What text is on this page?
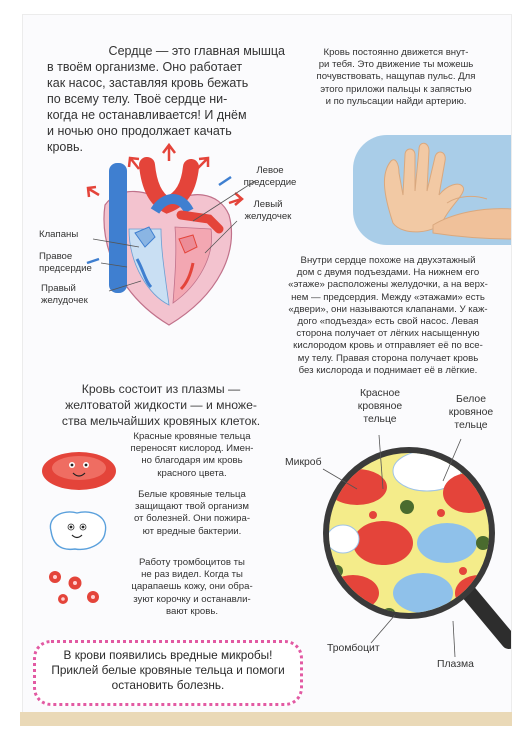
Сердце — это главная мышца
в твоём организме. Оно работает
как насос, заставляя кровь бежать
по всему телу. Твоё сердце ни-
когда не останавливается! И днём
и ночью оно продолжает качать
кровь.
Кровь постоянно движется внут-
ри тебя. Это движение ты можешь
почувствовать, нащупав пульс. Для
этого приложи пальцы к запястью
и по пульсации найди артерию.
Левое
предсердие
Левый
желудочек
Клапаны
Правое
предсердие
Правый
желудочек
Внутри сердце похоже на двухэтажный
дом с двумя подъездами. На нижнем его
«этаже» расположены желудочки, а на верх-
нем — предсердия. Между «этажами» есть
«двери», они называются клапанами. У каж-
дого «подъезда» есть свой насос. Левая
сторона получает от лёгких насыщенную
кислородом кровь и отправляет её по все-
му телу. Правая сторона получает кровь
без кислорода и поднимает её в лёгкие.
Кровь состоит из плазмы —
желтоватой жидкости — и множе-
ства мельчайших кровяных клеток.
Красные кровяные тельца
переносят кислород. Имен-
но благодаря им кровь
красного цвета.
Белые кровяные тельца
защищают твой организм
от болезней. Они пожира-
ют вредные бактерии.
Работу тромбоцитов ты
не раз видел. Когда ты
царапаешь кожу, они обра-
зуют корочку и останавли-
вают кровь.
Красное
кровяное
тельце
Белое
кровяное
тельце
Микроб
Тромбоцит
Плазма
В крови появились вредные микробы!
Приклей белые кровяные тельца и помоги
остановить болезнь.
